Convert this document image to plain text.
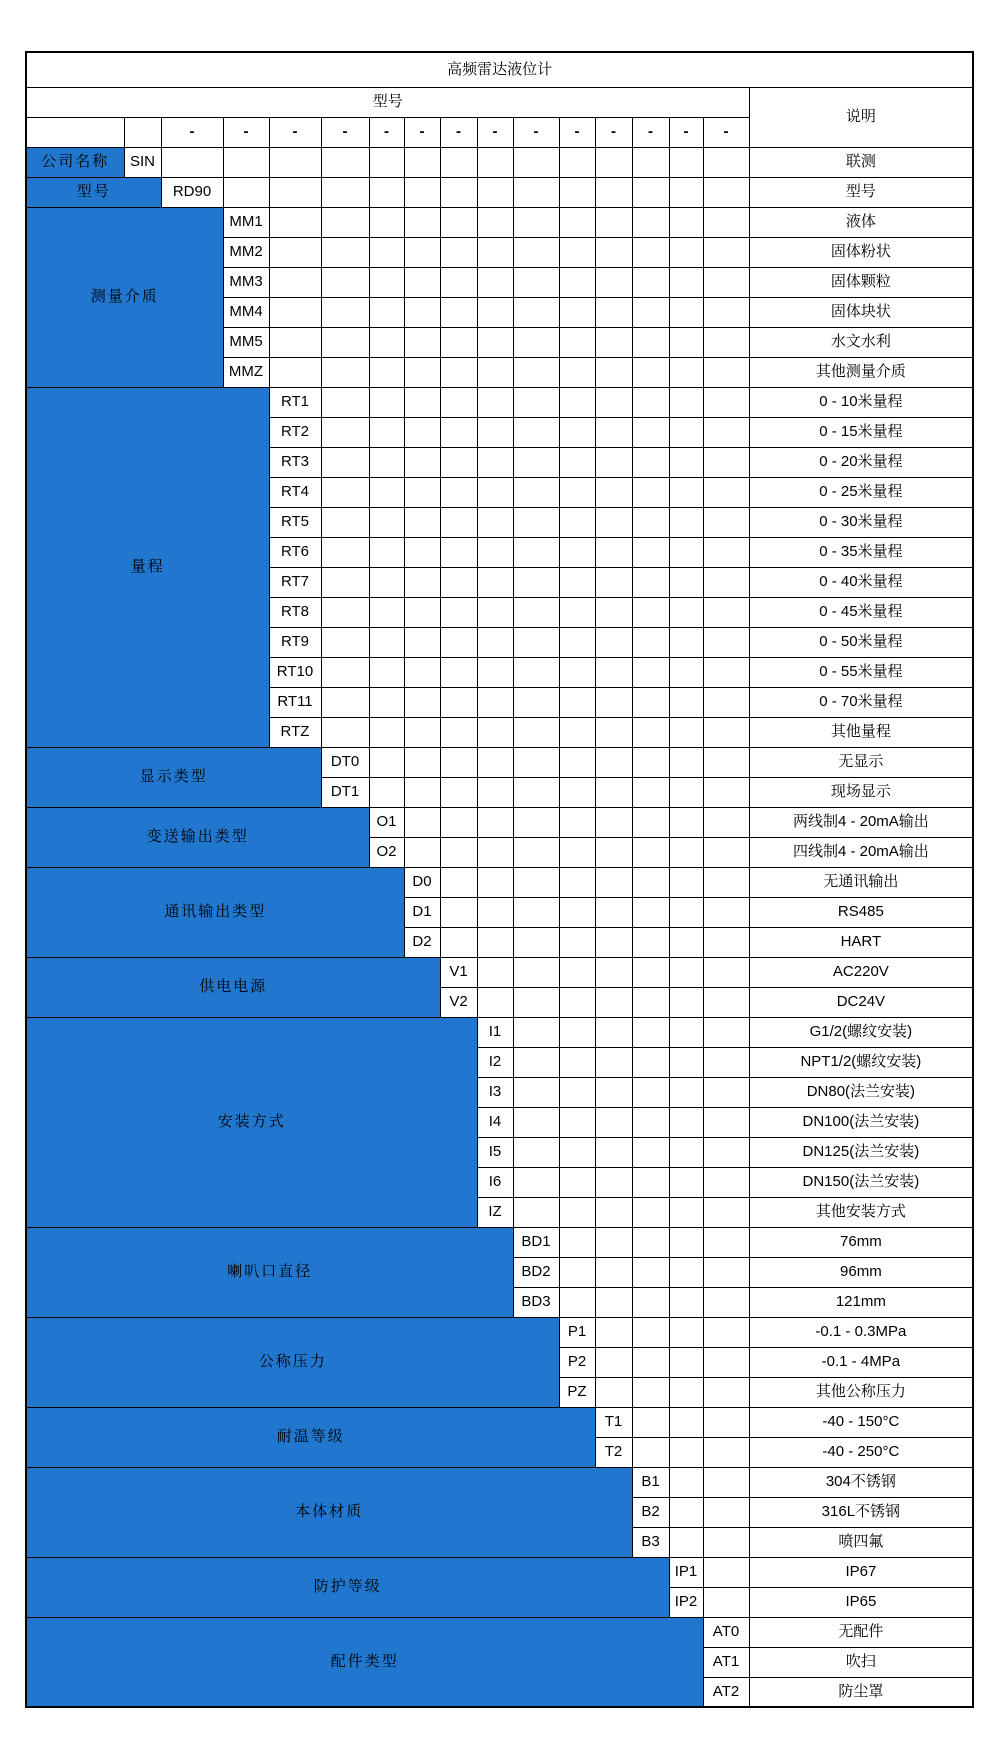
高频雷达液位计																
型号																说明
		-	-	-	-	-	-	-	-	-	-	-	-	-	-	
公司名称	SIN															联测
型号		RD90														型号
测量介质			MM1													液体
			MM2													固体粉状
			MM3													固体颗粒
			MM4													固体块状
			MM5													水文水利
			MMZ													其他测量介质
量程				RT1												0 - 10米量程
				RT2												0 - 15米量程
				RT3												0 - 20米量程
				RT4												0 - 25米量程
				RT5												0 - 30米量程
				RT6												0 - 35米量程
				RT7												0 - 40米量程
				RT8												0 - 45米量程
				RT9												0 - 50米量程
				RT10												0 - 55米量程
				RT11												0 - 70米量程
				RTZ												其他量程
显示类型					DT0											无显示
					DT1											现场显示
变送输出类型						O1										两线制4 - 20mA输出
						O2										四线制4 - 20mA输出
通讯输出类型							D0									无通讯输出
							D1									RS485
							D2									HART
供电电源								V1								AC220V
								V2								DC24V
安装方式									I1							G1/2(螺纹安装)
									I2							NPT1/2(螺纹安装)
									I3							DN80(法兰安装)
									I4							DN100(法兰安装)
									I5							DN125(法兰安装)
									I6							DN150(法兰安装)
									IZ							其他安装方式
喇叭口直径										BD1						76mm
										BD2						96mm
										BD3						121mm
公称压力											P1					-0.1 - 0.3MPa
											P2					-0.1 - 4MPa
											PZ					其他公称压力
耐温等级												T1				-40 - 150°C
												T2				-40 - 250°C
本体材质													B1			304不锈钢
													B2			316L不锈钢
													B3			喷四氟
防护等级														IP1		IP67
														IP2		IP65
配件类型															AT0	无配件
															AT1	吹扫
															AT2	防尘罩
